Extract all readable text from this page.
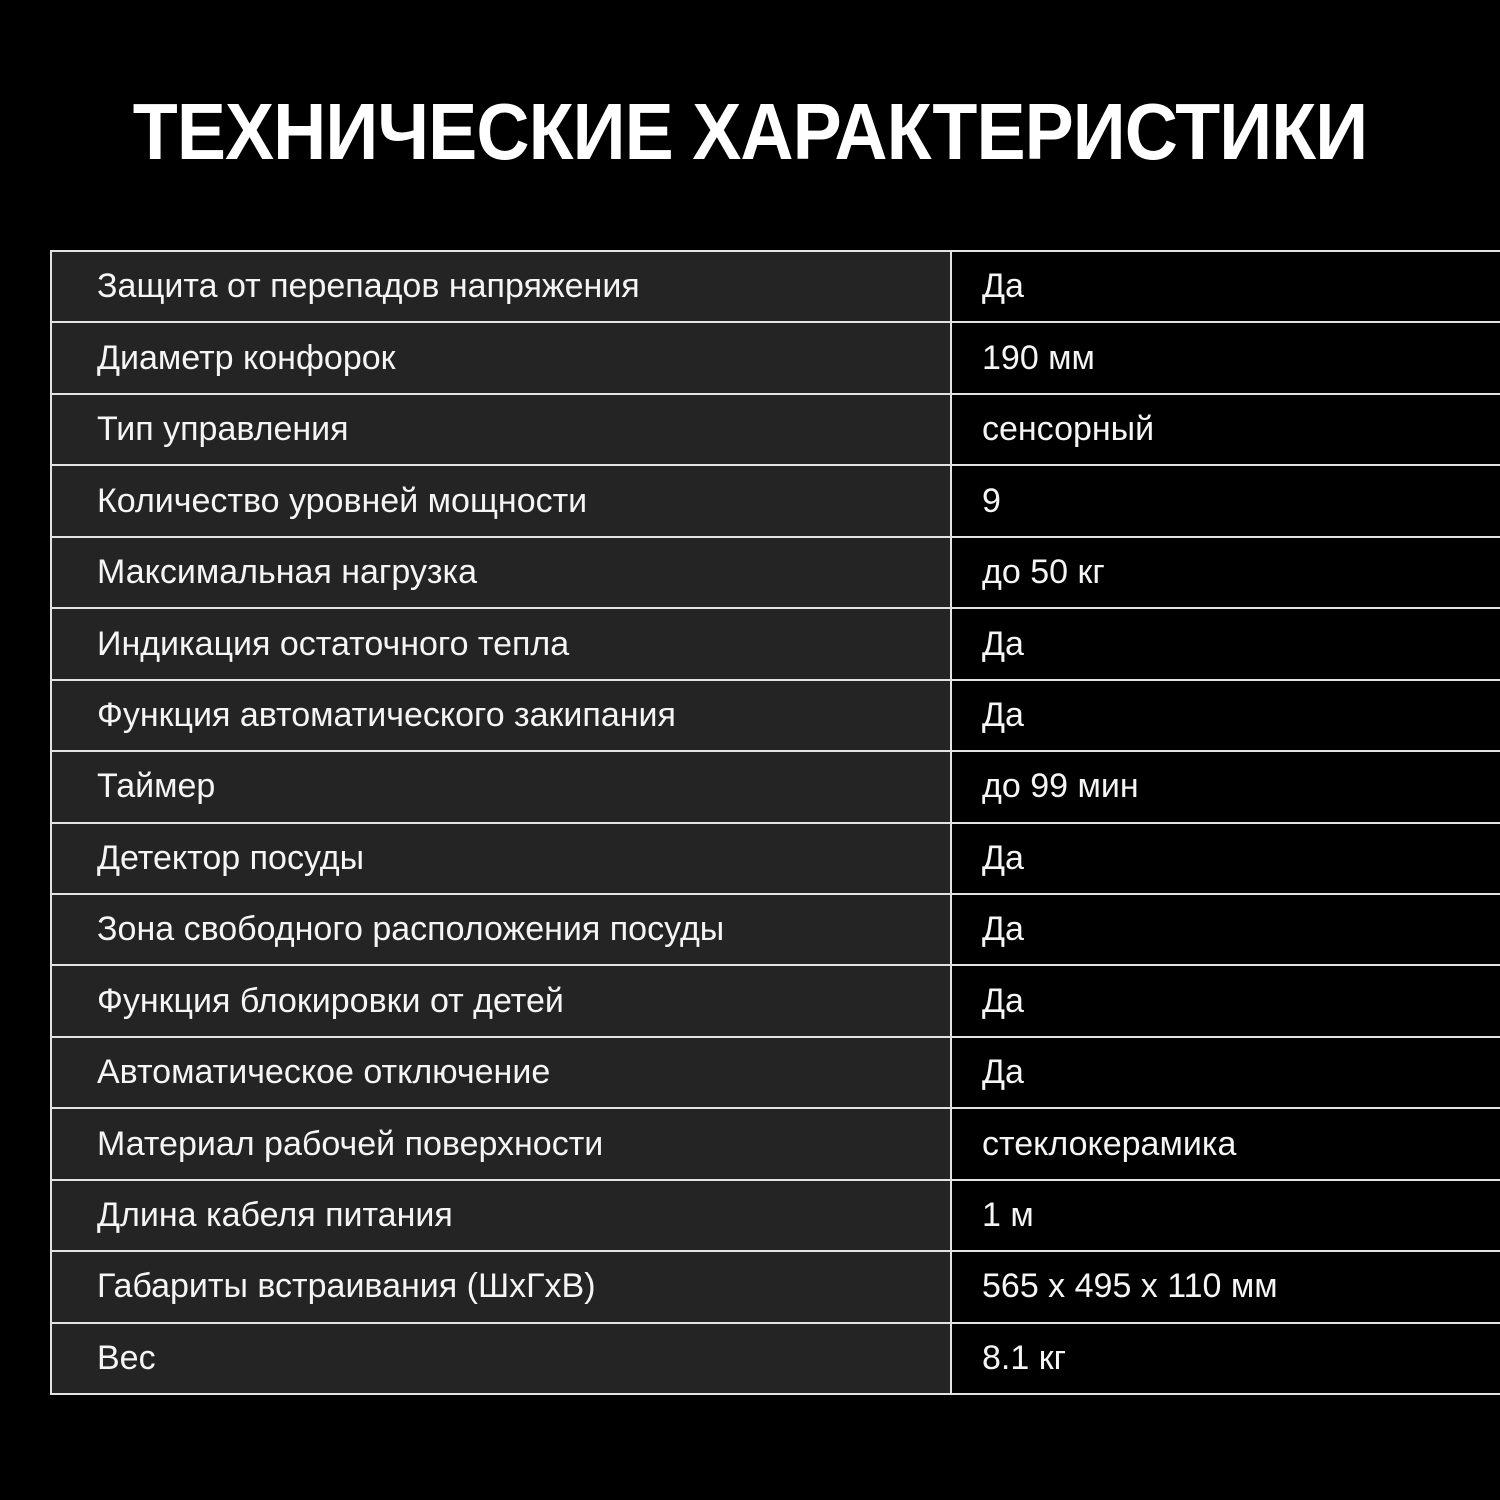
ТЕХНИЧЕСКИЕ ХАРАКТЕРИСТИКИ
Защита от перепадов напряжения	Да
Диаметр конфорок	190 мм
Тип управления	сенсорный
Количество уровней мощности	9
Максимальная нагрузка	до 50 кг
Индикация остаточного тепла	Да
Функция автоматического закипания	Да
Таймер	до 99 мин
Детектор посуды	Да
Зона свободного расположения посуды	Да
Функция блокировки от детей	Да
Автоматическое отключение	Да
Материал рабочей поверхности	стеклокерамика
Длина кабеля питания	1 м
Габариты встраивания (ШхГхВ)	565 x 495 x 110 мм
Вес	8.1 кг
